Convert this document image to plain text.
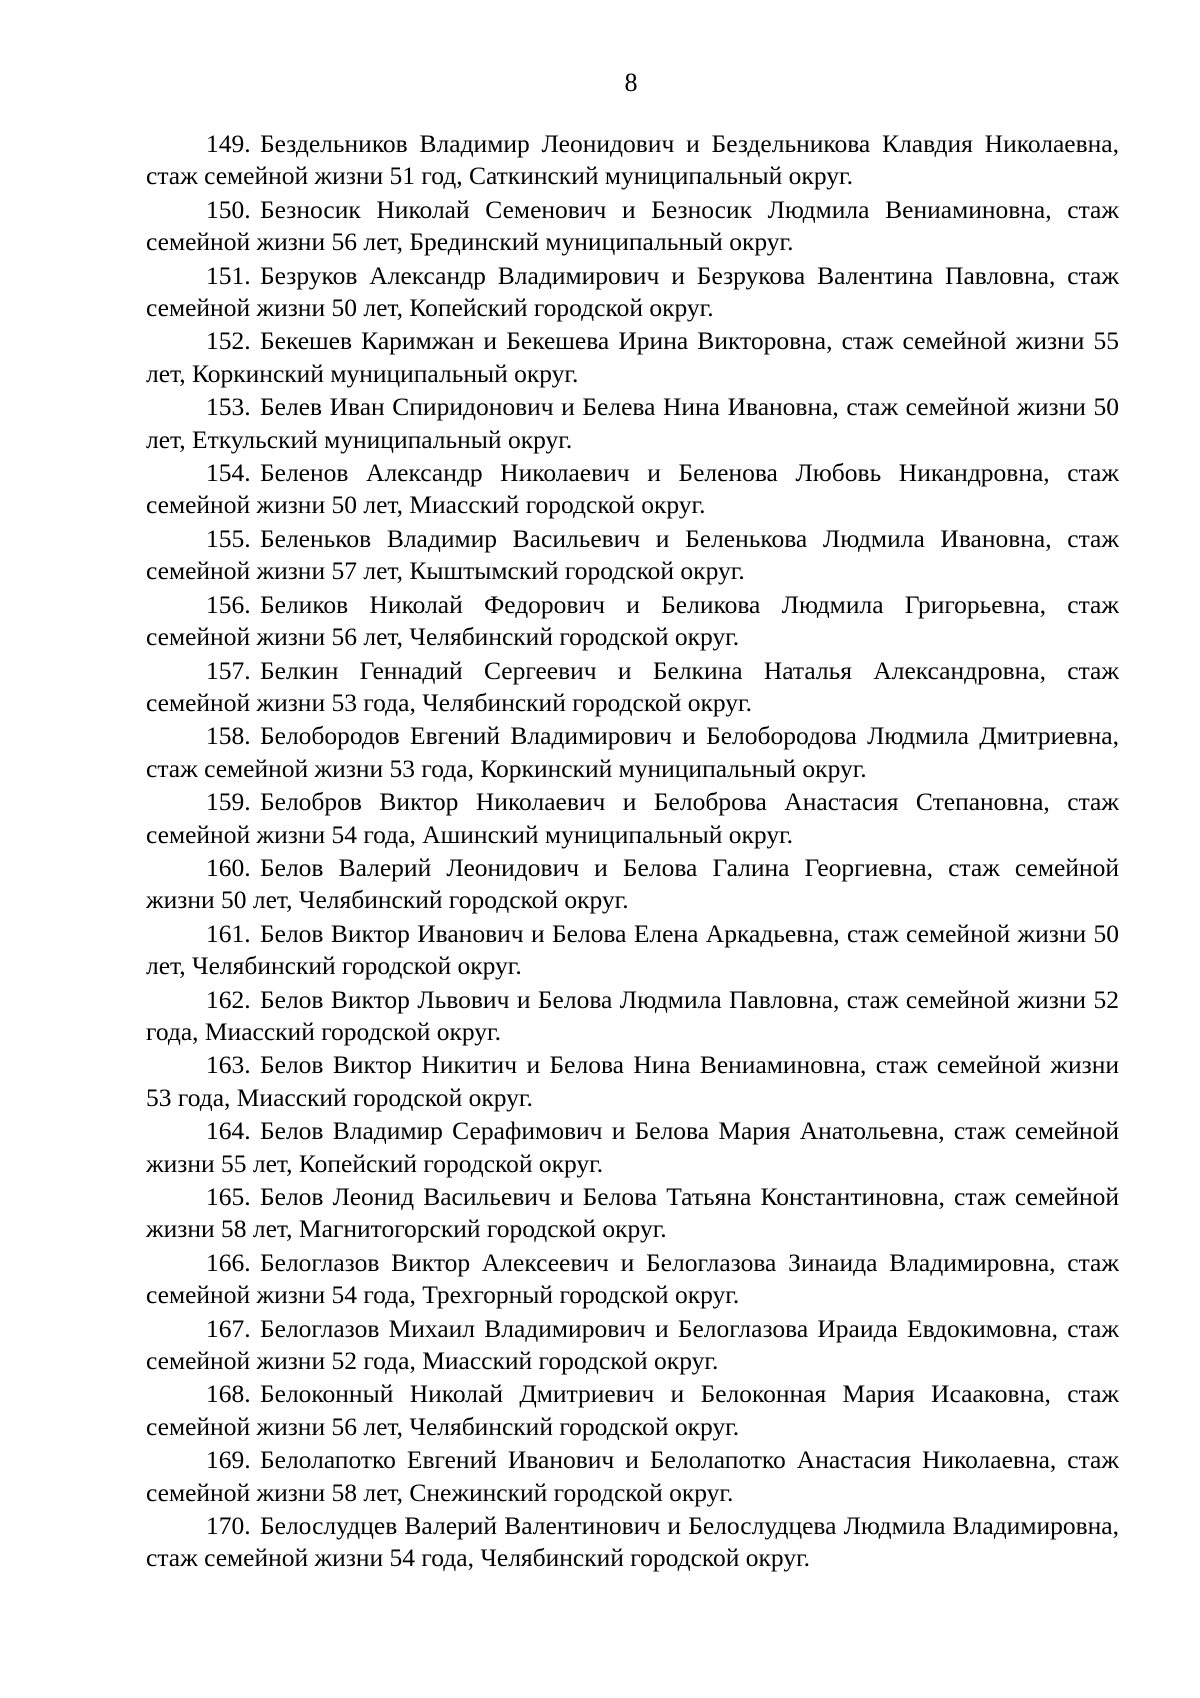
8
149. Бездельников Владимир Леонидович и Бездельникова Клавдия Николаевна, стаж семейной жизни 51 год, Саткинский муниципальный округ.
150. Безносик Николай Семенович и Безносик Людмила Вениаминовна, стаж семейной жизни 56 лет, Брединский муниципальный округ.
151. Безруков Александр Владимирович и Безрукова Валентина Павловна, стаж семейной жизни 50 лет, Копейский городской округ.
152. Бекешев Каримжан и Бекешева Ирина Викторовна, стаж семейной жизни 55 лет, Коркинский муниципальный округ.
153. Белев Иван Спиридонович и Белева Нина Ивановна, стаж семейной жизни 50 лет, Еткульский муниципальный округ.
154. Беленов Александр Николаевич и Беленова Любовь Никандровна, стаж семейной жизни 50 лет, Миасский городской округ.
155. Беленьков Владимир Васильевич и Беленькова Людмила Ивановна, стаж семейной жизни 57 лет, Кыштымский городской округ.
156. Беликов Николай Федорович и Беликова Людмила Григорьевна, стаж семейной жизни 56 лет, Челябинский городской округ.
157. Белкин Геннадий Сергеевич и Белкина Наталья Александровна, стаж семейной жизни 53 года, Челябинский городской округ.
158. Белобородов Евгений Владимирович и Белобородова Людмила Дмитриевна, стаж семейной жизни 53 года, Коркинский муниципальный округ.
159. Белобров Виктор Николаевич и Белоброва Анастасия Степановна, стаж семейной жизни 54 года, Ашинский муниципальный округ.
160. Белов Валерий Леонидович и Белова Галина Георгиевна, стаж семейной жизни 50 лет, Челябинский городской округ.
161. Белов Виктор Иванович и Белова Елена Аркадьевна, стаж семейной жизни 50 лет, Челябинский городской округ.
162. Белов Виктор Львович и Белова Людмила Павловна, стаж семейной жизни 52 года, Миасский городской округ.
163. Белов Виктор Никитич и Белова Нина Вениаминовна, стаж семейной жизни 53 года, Миасский городской округ.
164. Белов Владимир Серафимович и Белова Мария Анатольевна, стаж семейной жизни 55 лет, Копейский городской округ.
165. Белов Леонид Васильевич и Белова Татьяна Константиновна, стаж семейной жизни 58 лет, Магнитогорский городской округ.
166. Белоглазов Виктор Алексеевич и Белоглазова Зинаида Владимировна, стаж семейной жизни 54 года, Трехгорный городской округ.
167. Белоглазов Михаил Владимирович и Белоглазова Ираида Евдокимовна, стаж семейной жизни 52 года, Миасский городской округ.
168. Белоконный Николай Дмитриевич и Белоконная Мария Исааковна, стаж семейной жизни 56 лет, Челябинский городской округ.
169. Белолапотко Евгений Иванович и Белолапотко Анастасия Николаевна, стаж семейной жизни 58 лет, Снежинский городской округ.
170. Белослудцев Валерий Валентинович и Белослудцева Людмила Владимировна, стаж семейной жизни 54 года, Челябинский городской округ.
